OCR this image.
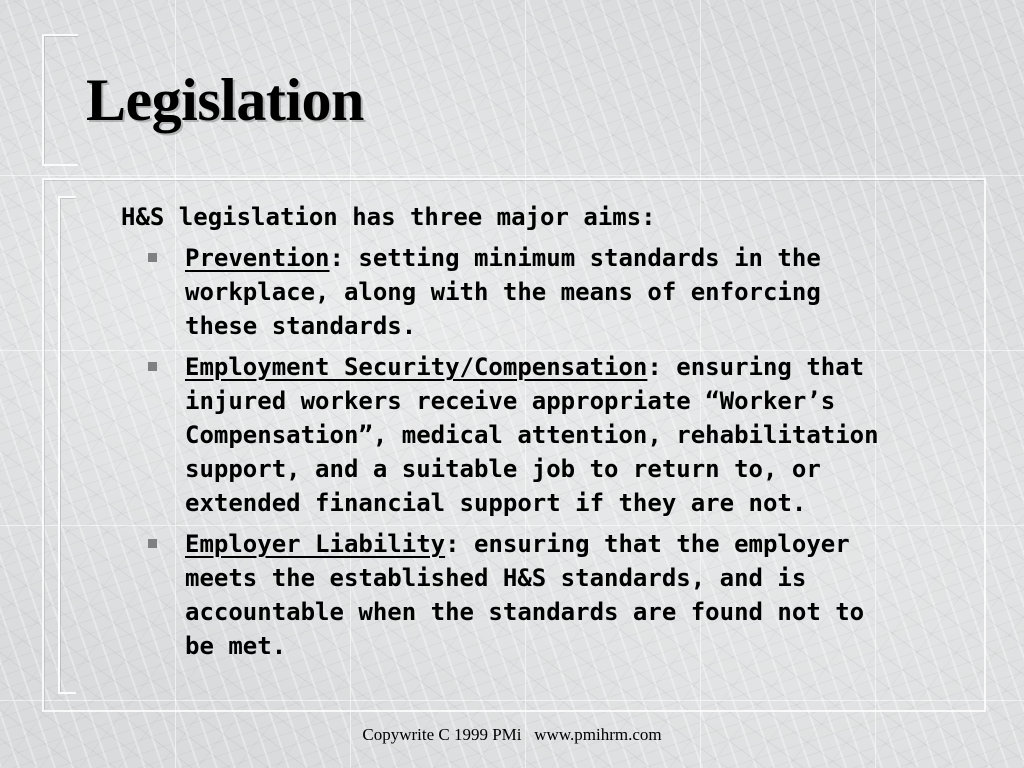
Legislation

H&S legislation has three major aims:

Prevention: setting minimum standards in the
workplace, along with the means of enforcing
these standards.
Employment Security/Compensation: ensuring that
injured workers receive appropriate “Worker’s
Compensation”, medical attention, rehabilitation
support, and a suitable job to return to, or
extended financial support if they are not.
Employer Liability: ensuring that the employer
meets the established H&S standards, and is
accountable when the standards are found not to
be met.
Copywrite C 1999 PMi www.pmihrm.com
